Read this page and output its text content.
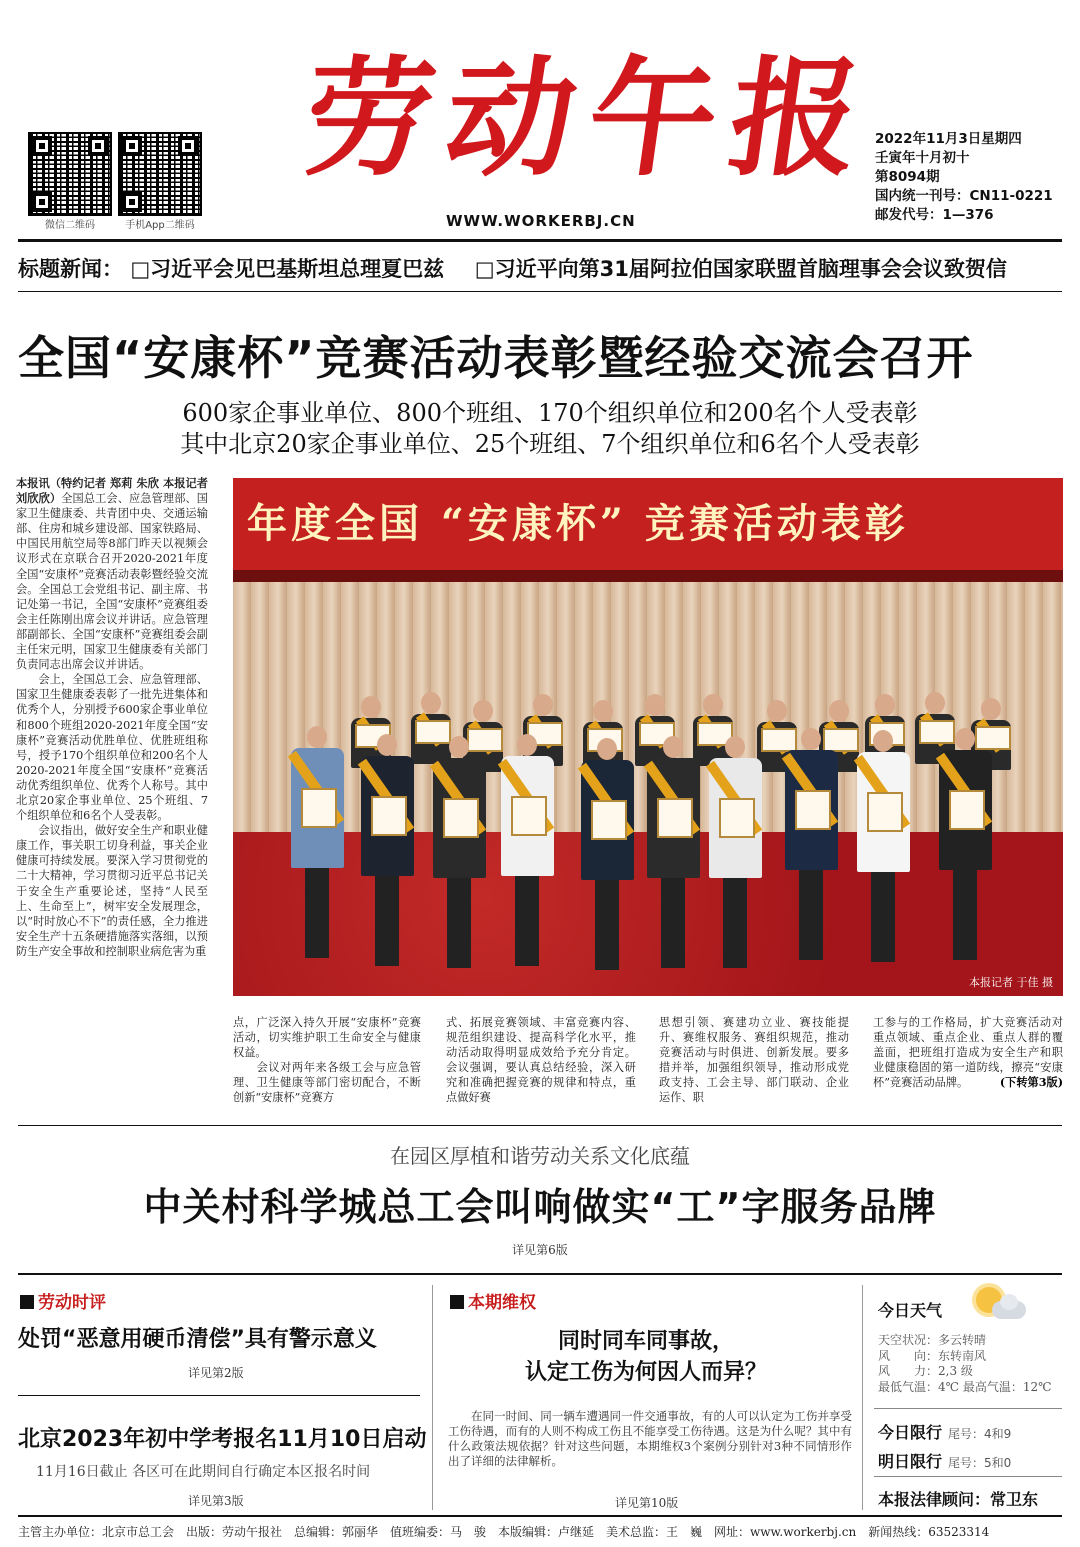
微信二维码	手机App二维码
劳动午报
WWW.WORKERBJ.CN
2022年11月3日星期四
壬寅年十月初十
第8094期
国内统一刊号：CN11-0221
邮发代号：1—376
标题新闻： □习近平会见巴基斯坦总理夏巴兹 □习近平向第31届阿拉伯国家联盟首脑理事会会议致贺信
全国“安康杯”竞赛活动表彰暨经验交流会召开
600家企事业单位、800个班组、170个组织单位和200名个人受表彰
其中北京20家企事业单位、25个班组、7个组织单位和6名个人受表彰
本报讯（特约记者 郑莉 朱欣 本报记者 刘欣欣）全国总工会、应急管理部、国家卫生健康委、共青团中央、交通运输部、住房和城乡建设部、国家铁路局、中国民用航空局等8部门昨天以视频会议形式在京联合召开2020-2021年度全国“安康杯”竞赛活动表彰暨经验交流会。全国总工会党组书记、副主席、书记处第一书记，全国“安康杯”竞赛组委会主任陈刚出席会议并讲话。应急管理部副部长、全国“安康杯”竞赛组委会副主任宋元明，国家卫生健康委有关部门负责同志出席会议并讲话。
会上，全国总工会、应急管理部、国家卫生健康委表彰了一批先进集体和优秀个人，分别授予600家企事业单位和800个班组2020-2021年度全国“安康杯”竞赛活动优胜单位、优胜班组称号，授予170个组织单位和200名个人2020-2021年度全国“安康杯”竞赛活动优秀组织单位、优秀个人称号。其中北京20家企事业单位、25个班组、7个组织单位和6名个人受表彰。
会议指出，做好安全生产和职业健康工作，事关职工切身利益，事关企业健康可持续发展。要深入学习贯彻党的二十大精神，学习贯彻习近平总书记关于安全生产重要论述，坚持“人民至上、生命至上”，树牢安全发展理念，以“时时放心不下”的责任感，全力推进安全生产十五条硬措施落实落细，以预防生产安全事故和控制职业病危害为重
年度全国 “安康杯” 竞赛活动表彰
本报记者 于佳 摄
点，广泛深入持久开展“安康杯”竞赛活动，切实维护职工生命安全与健康权益。
　　会议对两年来各级工会与应急管理、卫生健康等部门密切配合，不断创新“安康杯”竞赛方
式、拓展竞赛领域、丰富竞赛内容、规范组织建设、提高科学化水平，推动活动取得明显成效给予充分肯定。会议强调，要认真总结经验，深入研究和准确把握竞赛的规律和特点，重点做好赛
思想引领、赛建功立业、赛技能提升、赛维权服务、赛组织规范，推动竞赛活动与时俱进、创新发展。要多措并举，加强组织领导，推动形成党政支持、工会主导、部门联动、企业运作、职
工参与的工作格局，扩大竞赛活动对重点领域、重点企业、重点人群的覆盖面，把班组打造成为安全生产和职业健康稳固的第一道防线，擦亮“安康杯”竞赛活动品牌。	(下转第3版)
在园区厚植和谐劳动关系文化底蕴
中关村科学城总工会叫响做实“工”字服务品牌
详见第6版
劳动时评
处罚“恶意用硬币清偿”具有警示意义
详见第2版
北京2023年初中学考报名11月10日启动
11月16日截止 各区可在此期间自行确定本区报名时间
详见第3版
本期维权
同时同车同事故，
认定工伤为何因人而异？
在同一时间、同一辆车遭遇同一件交通事故，有的人可以认定为工伤并享受工伤待遇，而有的人则不构成工伤且不能享受工伤待遇。这是为什么呢？其中有什么政策法规依据？针对这些问题，本期维权3个案例分别针对3种不同情形作出了详细的法律解析。
详见第10版
今日天气
天空状况：多云转晴
风　　向：东转南风
风　　力：2,3 级
最低气温：4℃ 最高气温：12℃
今日限行 尾号：4和9
明日限行 尾号：5和0
本报法律顾问：常卫东
主管主办单位：北京市总工会　出版：劳动午报社　总编辑：郭丽华　值班编委：马　骏　本版编辑：卢继延　美术总监：王　巍　网址：www.workerbj.cn　新闻热线：63523314
